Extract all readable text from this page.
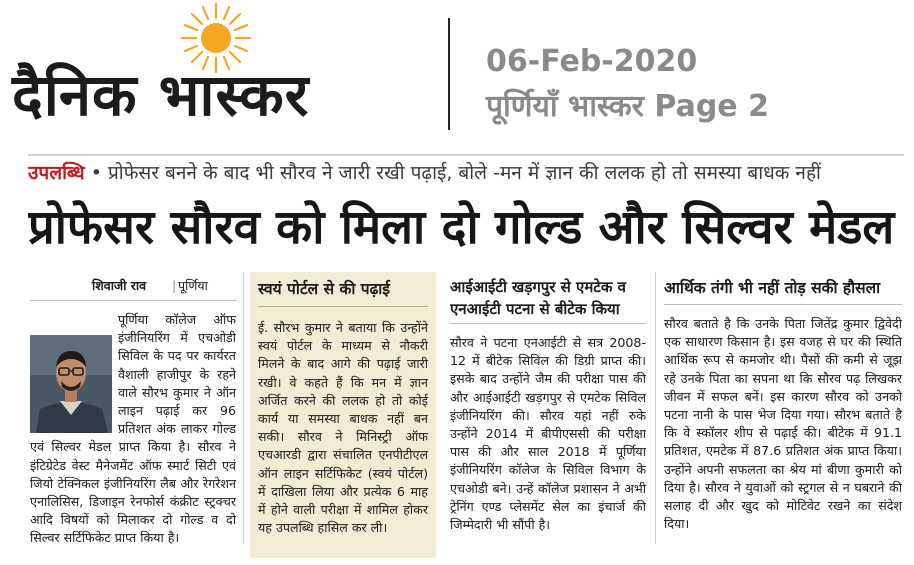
दैनिक भास्कर	06-Feb-2020
पूर्णियाँ भास्कर Page 2
उपलब्धि • प्रोफेसर बनने के बाद भी सौरव ने जारी रखी पढ़ाई, बोले -मन में ज्ञान की ललक हो तो समस्या बाधक नहीं
प्रोफेसर सौरव को मिला दो गोल्ड और सिल्वर मेडल
शिवाजी राव | पूर्णिया

पूर्णिया कॉलेज ऑफ इंजीनियरिंग में एचओडी सिविल के पद पर कार्यरत वैशाली हाजीपुर के रहने वाले सौरभ कुमार ने ऑन लाइन पढ़ाई कर 96 प्रतिशत अंक लाकर गोल्ड एवं सिल्वर मेडल प्राप्त किया है। सौरव ने इंटिग्रेटेड वेस्ट मैनेजमेंट ऑफ स्मार्ट सिटी एवं जियो टेक्निकल इंजीनियरिंग लैब और रेगरेशन एनालिसिस, डिजाइन रेनफोर्स कंक्रीट स्ट्रक्चर आदि विषयों को मिलाकर दो गोल्ड व दो सिल्वर सर्टिफिकेट प्राप्त किया है।

स्वयं पोर्टल से की पढ़ाई

ई. सौरभ कुमार ने बताया कि उन्होंने स्वयं पोर्टल के माध्यम से नौकरी मिलने के बाद आगे की पढ़ाई जारी रखी। वे कहते हैं कि मन में ज्ञान अर्जित करने की ललक हो तो कोई कार्य या समस्या बाधक नहीं बन सकी। सौरव ने मिनिस्ट्री ऑफ एचआरडी द्वारा संचालित एनपीटीएल ऑन लाइन सर्टिफिकेट (स्वयं पोर्टल) में दाखिला लिया और प्रत्येक 6 माह में होने वाली परीक्षा में शामिल होकर यह उपलब्धि हासिल कर ली।

आईआईटी खड़गपुर से एमटेक व एनआईटी पटना से बीटेक किया

सौरव ने पटना एनआईटी से सत्र 2008-12 में बीटेक सिविल की डिग्री प्राप्त की। इसके बाद उन्होंने जैम की परीक्षा पास की और आईआईटी खड़गपुर से एमटेक सिविल इंजीनियरिंग की। सौरव यहां नहीं रुके उन्होंने 2014 में बीपीएससी की परीक्षा पास की और साल 2018 में पूर्णिया इंजीनियरिंग कॉलेज के सिविल विभाग के एचओडी बने। उन्हें कॉलेज प्रशासन ने अभी ट्रेनिंग एण्ड प्लेसमेंट सेल का इंचार्ज की जिम्मेदारी भी सौंपी है।

आर्थिक तंगी भी नहीं तोड़ सकी हौसला

सौरव बताते है कि उनके पिता जितेंद्र कुमार द्विवेदी एक साधारण किसान है। इस वजह से घर की स्थिति आर्थिक रूप से कमजोर थी। पैसों की कमी से जूझ रहे उनके पिता का सपना था कि सौरव पढ़ लिखकर जीवन में सफल बनें। इस कारण सौरव को उनको पटना नानी के पास भेज दिया गया। सौरभ बताते है कि वे स्कॉलर शीप से पढ़ाई की। बीटेक में 91.1 प्रतिशत, एमटेक में 87.6 प्रतिशत अंक प्राप्त किया। उन्होंने अपनी सफलता का श्रेय मां बीणा कुमारी को दिया है। सौरव ने युवाओं को स्ट्रगल से न घबराने की सलाह दी और खुद को मोटिवेट रखने का संदेश दिया।
